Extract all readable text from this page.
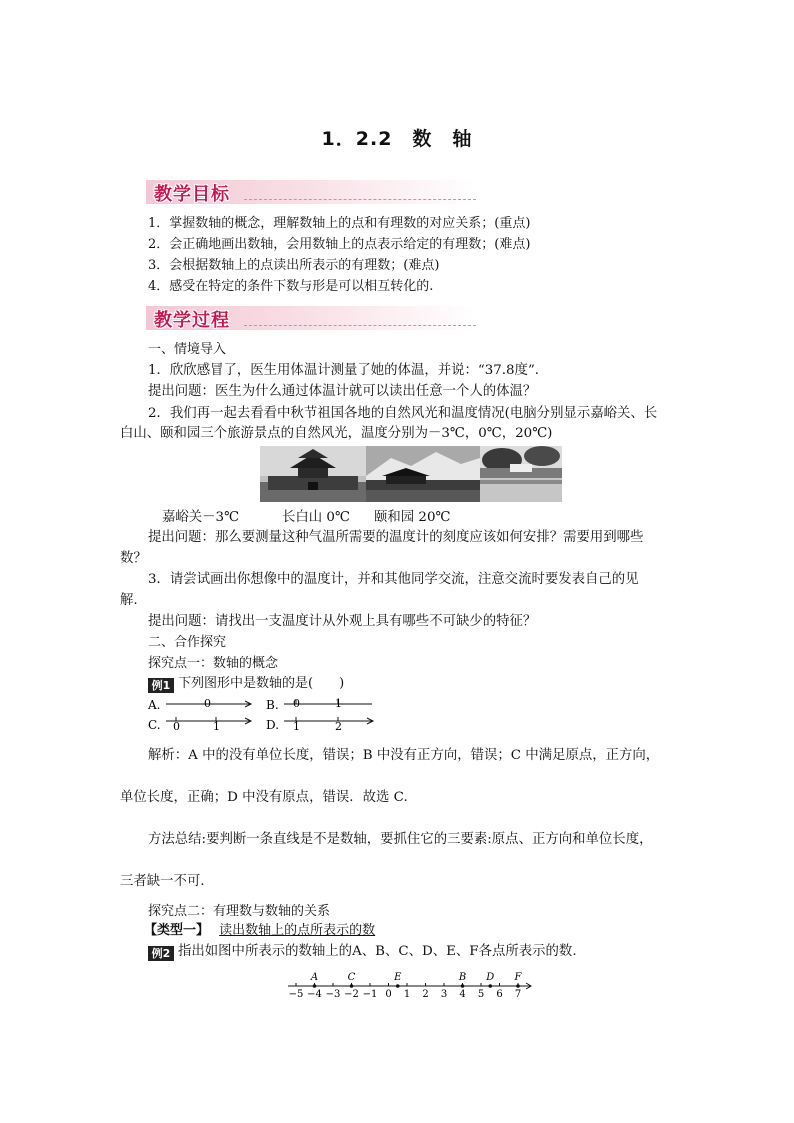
1．2.2　数　轴
教学目标
1．掌握数轴的概念，理解数轴上的点和有理数的对应关系；(重点)
2．会正确地画出数轴，会用数轴上的点表示给定的有理数；(难点)
3．会根据数轴上的点读出所表示的有理数；(难点)
4．感受在特定的条件下数与形是可以相互转化的.
教学过程
一、情境导入
1．欣欣感冒了，医生用体温计测量了她的体温，并说：“37.8度”.
提出问题：医生为什么通过体温计就可以读出任意一个人的体温？
2．我们再一起去看看中秋节祖国各地的自然风光和温度情况(电脑分别显示嘉峪关、长
白山、颐和园三个旅游景点的自然风光，温度分别为－3℃，0℃，20℃)
嘉峪关－3℃	长白山 0℃ 颐和园 20℃
提出问题：那么要测量这种气温所需要的温度计的刻度应该如何安排？需要用到哪些
数？
3．请尝试画出你想像中的温度计，并和其他同学交流，注意交流时要发表自己的见
解.
提出问题：请找出一支温度计从外观上具有哪些不可缺少的特征？
二、合作探究
探究点一：数轴的概念
例1 下列图形中是数轴的是(　　)
A.	0	B. 0	1
C. 0	1	D. 1	2
解析：A 中的没有单位长度，错误；B 中没有正方向，错误；C 中满足原点，正方向，
单位长度，正确；D 中没有原点，错误．故选 C.
方法总结:要判断一条直线是不是数轴，要抓住它的三要素:原点、正方向和单位长度，
三者缺一不可．
探究点二：有理数与数轴的关系
【类型一】 读出数轴上的点所表示的数
例2 指出如图中所表示的数轴上的A、B、C、D、E、F各点所表示的数.
−5 −4 −3 −2 −1 0 1 2 3 4 5 6 7
A	C	E	B D F
